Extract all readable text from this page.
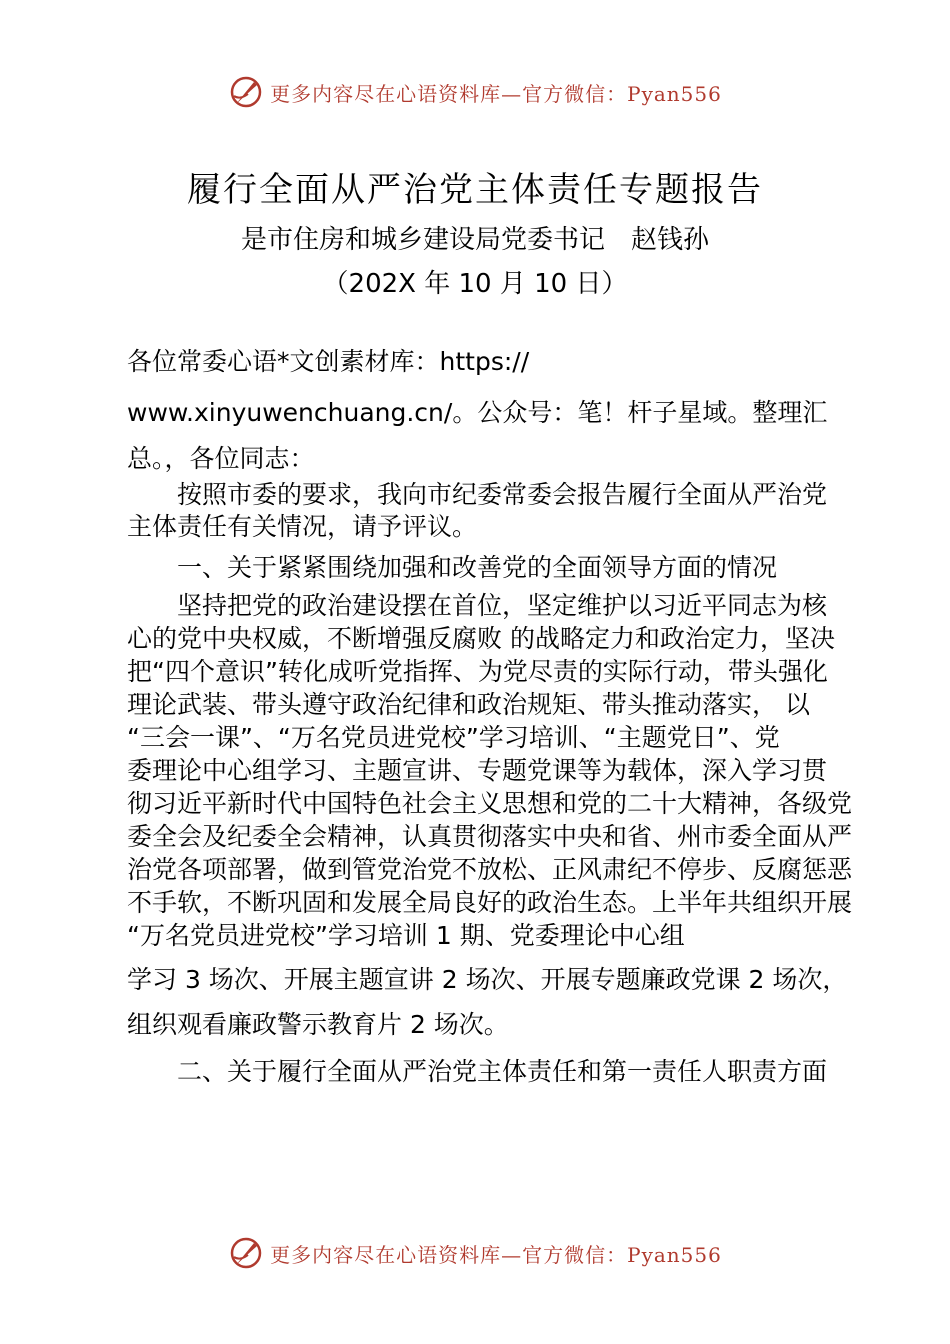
更多内容尽在心语资料库—官方微信：Pyan556
履行全面从严治党主体责任专题报告
是市住房和城乡建设局党委书记　赵钱孙
（202X 年 10 月 10 日）
各位常委心语*文创素材库：https://
www.xinyuwenchuang.cn/。公众号：笔！杆子星域。整理汇
总。，各位同志：
按照市委的要求，我向市纪委常委会报告履行全面从严治党
主体责任有关情况，请予评议。
一、关于紧紧围绕加强和改善党的全面领导方面的情况
坚持把党的政治建设摆在首位，坚定维护以习近平同志为核
心的党中央权威，不断增强反腐败 的战略定力和政治定力，坚决
把“四个意识”转化成听党指挥、为党尽责的实际行动，带头强化
理论武装、带头遵守政治纪律和政治规矩、带头推动落实， 以
“三会一课”、“万名党员进党校”学习培训、“主题党日”、党
委理论中心组学习、主题宣讲、专题党课等为载体，深入学习贯
彻习近平新时代中国特色社会主义思想和党的二十大精神，各级党
委全会及纪委全会精神，认真贯彻落实中央和省、州市委全面从严
治党各项部署，做到管党治党不放松、正风肃纪不停步、反腐惩恶
不手软，不断巩固和发展全局良好的政治生态。上半年共组织开展
“万名党员进党校”学习培训 1 期、党委理论中心组
学习 3 场次、开展主题宣讲 2 场次、开展专题廉政党课 2 场次，
组织观看廉政警示教育片 2 场次。
二、关于履行全面从严治党主体责任和第一责任人职责方面
更多内容尽在心语资料库—官方微信：Pyan556
